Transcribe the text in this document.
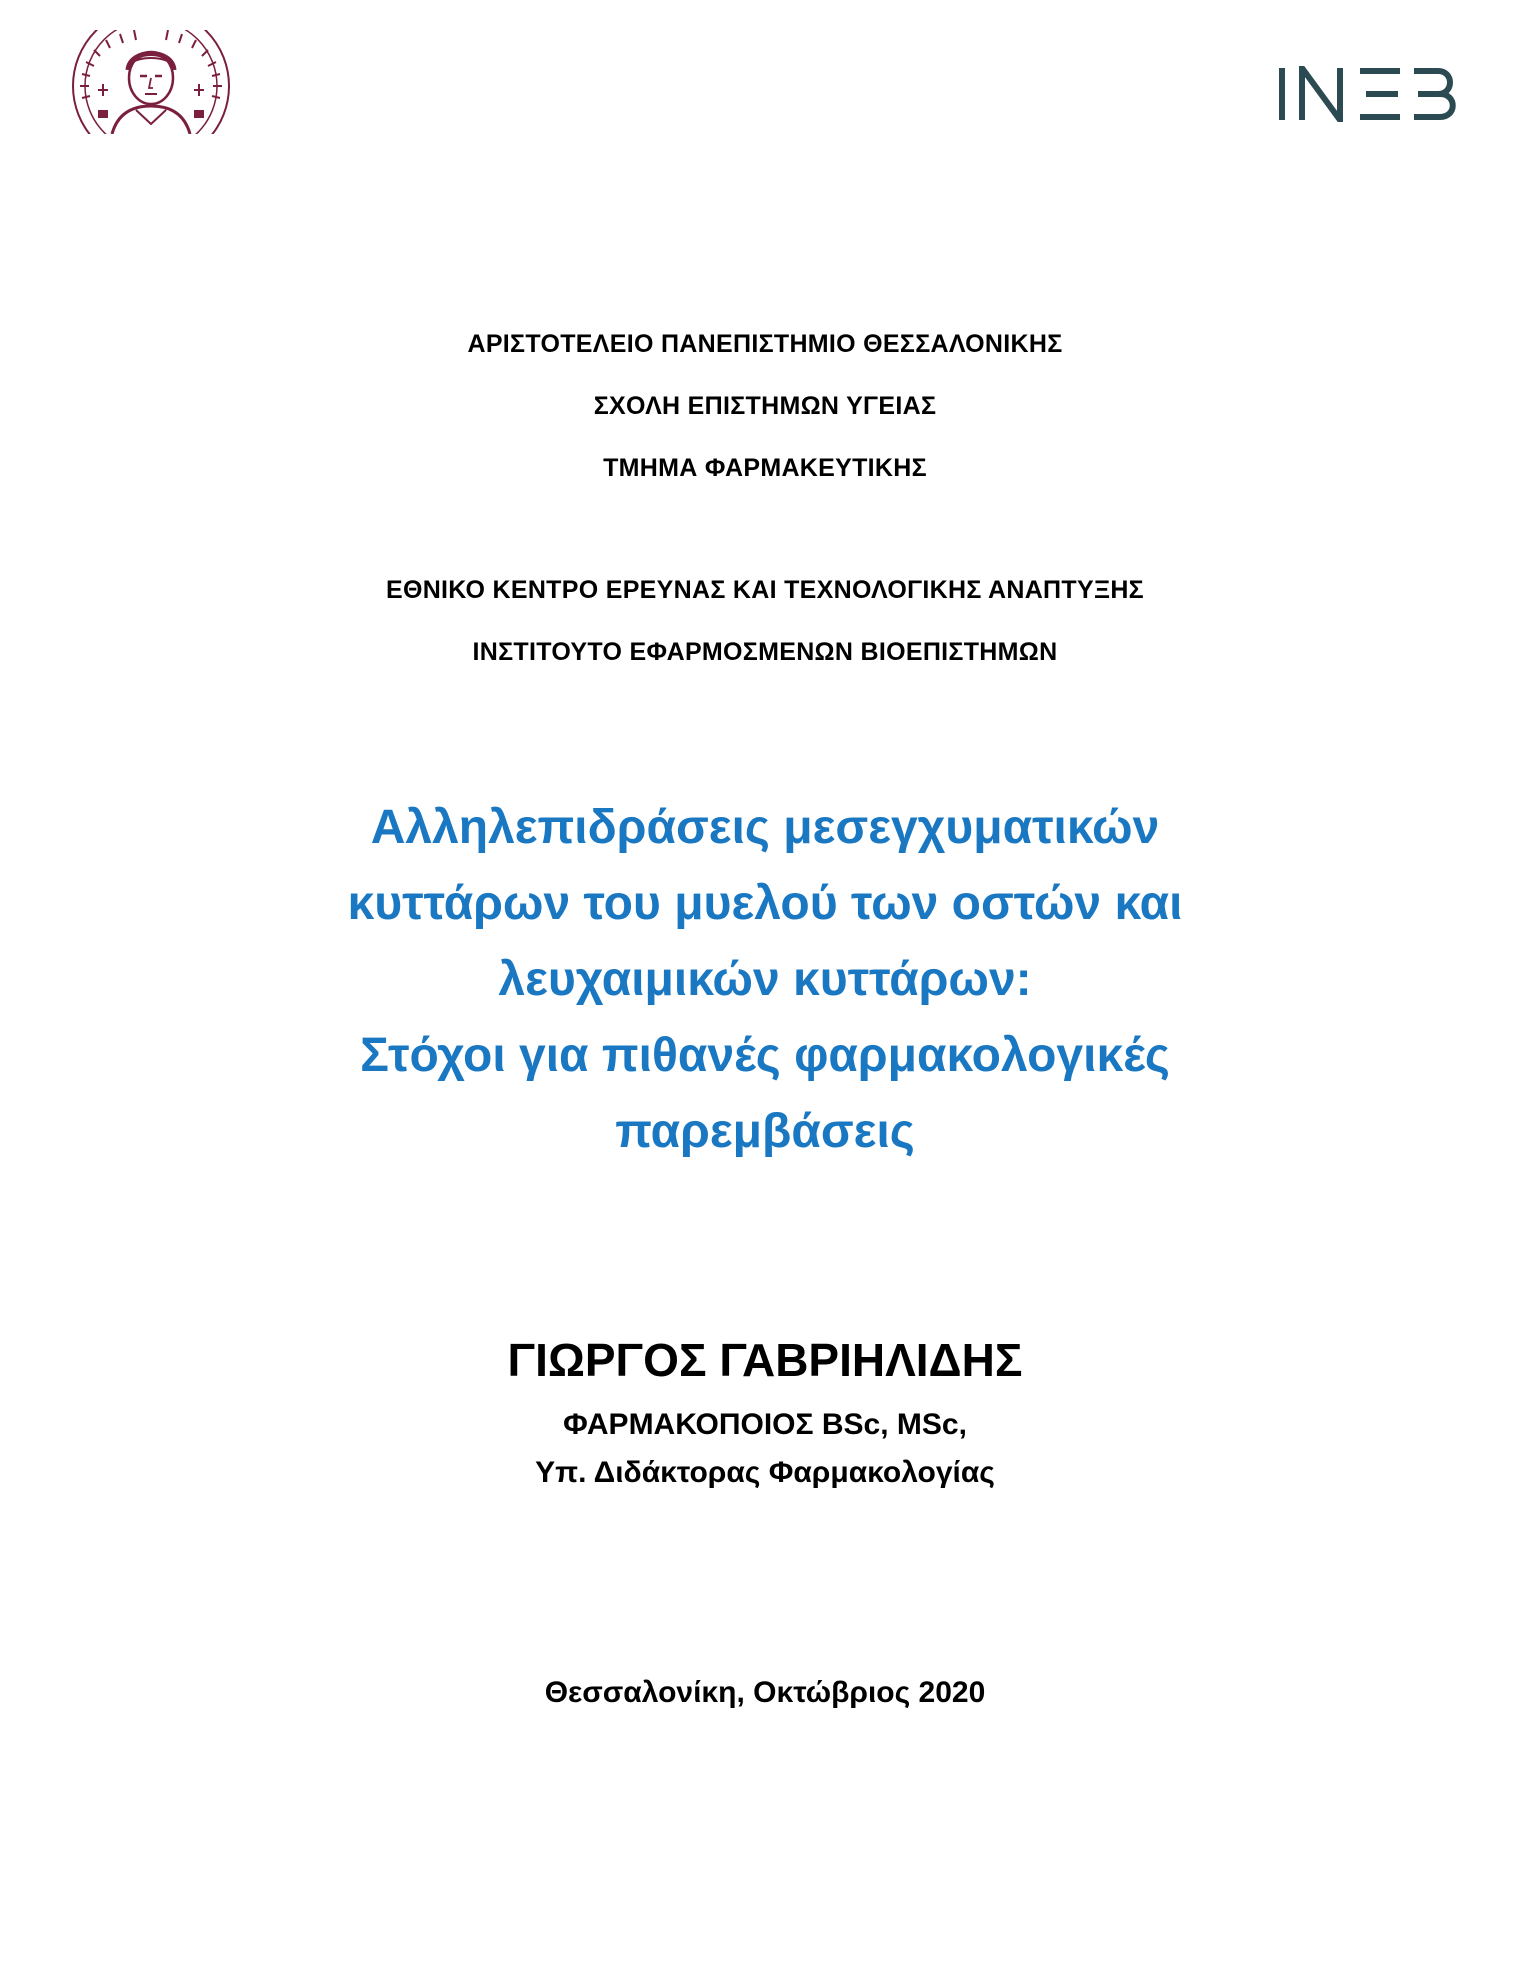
ΑΡΙΣΤΟΤΕΛΕΙΟ ΠΑΝΕΠΙΣΤΗΜΙΟ ΘΕΣΣΑΛΟΝΙΚΗΣ

ΣΧΟΛΗ ΕΠΙΣΤΗΜΩΝ ΥΓΕΙΑΣ

ΤΜΗΜΑ ΦΑΡΜΑΚΕΥΤΙΚΗΣ

ΕΘΝΙΚΟ ΚΕΝΤΡΟ ΕΡΕΥΝΑΣ ΚΑΙ ΤΕΧΝΟΛΟΓΙΚΗΣ ΑΝΑΠΤΥΞΗΣ

ΙΝΣΤΙΤΟΥΤΟ ΕΦΑΡΜΟΣΜΕΝΩΝ ΒΙΟΕΠΙΣΤΗΜΩΝ

Αλληλεπιδράσεις μεσεγχυματικών
κυττάρων του μυελού των οστών και
λευχαιμικών κυττάρων:
Στόχοι για πιθανές φαρμακολογικές
παρεμβάσεις

ΓΙΩΡΓΟΣ ΓΑΒΡΙΗΛΙΔΗΣ

ΦΑΡΜΑΚΟΠΟΙΟΣ BSc, MSc,

Υπ. Διδάκτορας Φαρμακολογίας

Θεσσαλονίκη, Οκτώβριος 2020
